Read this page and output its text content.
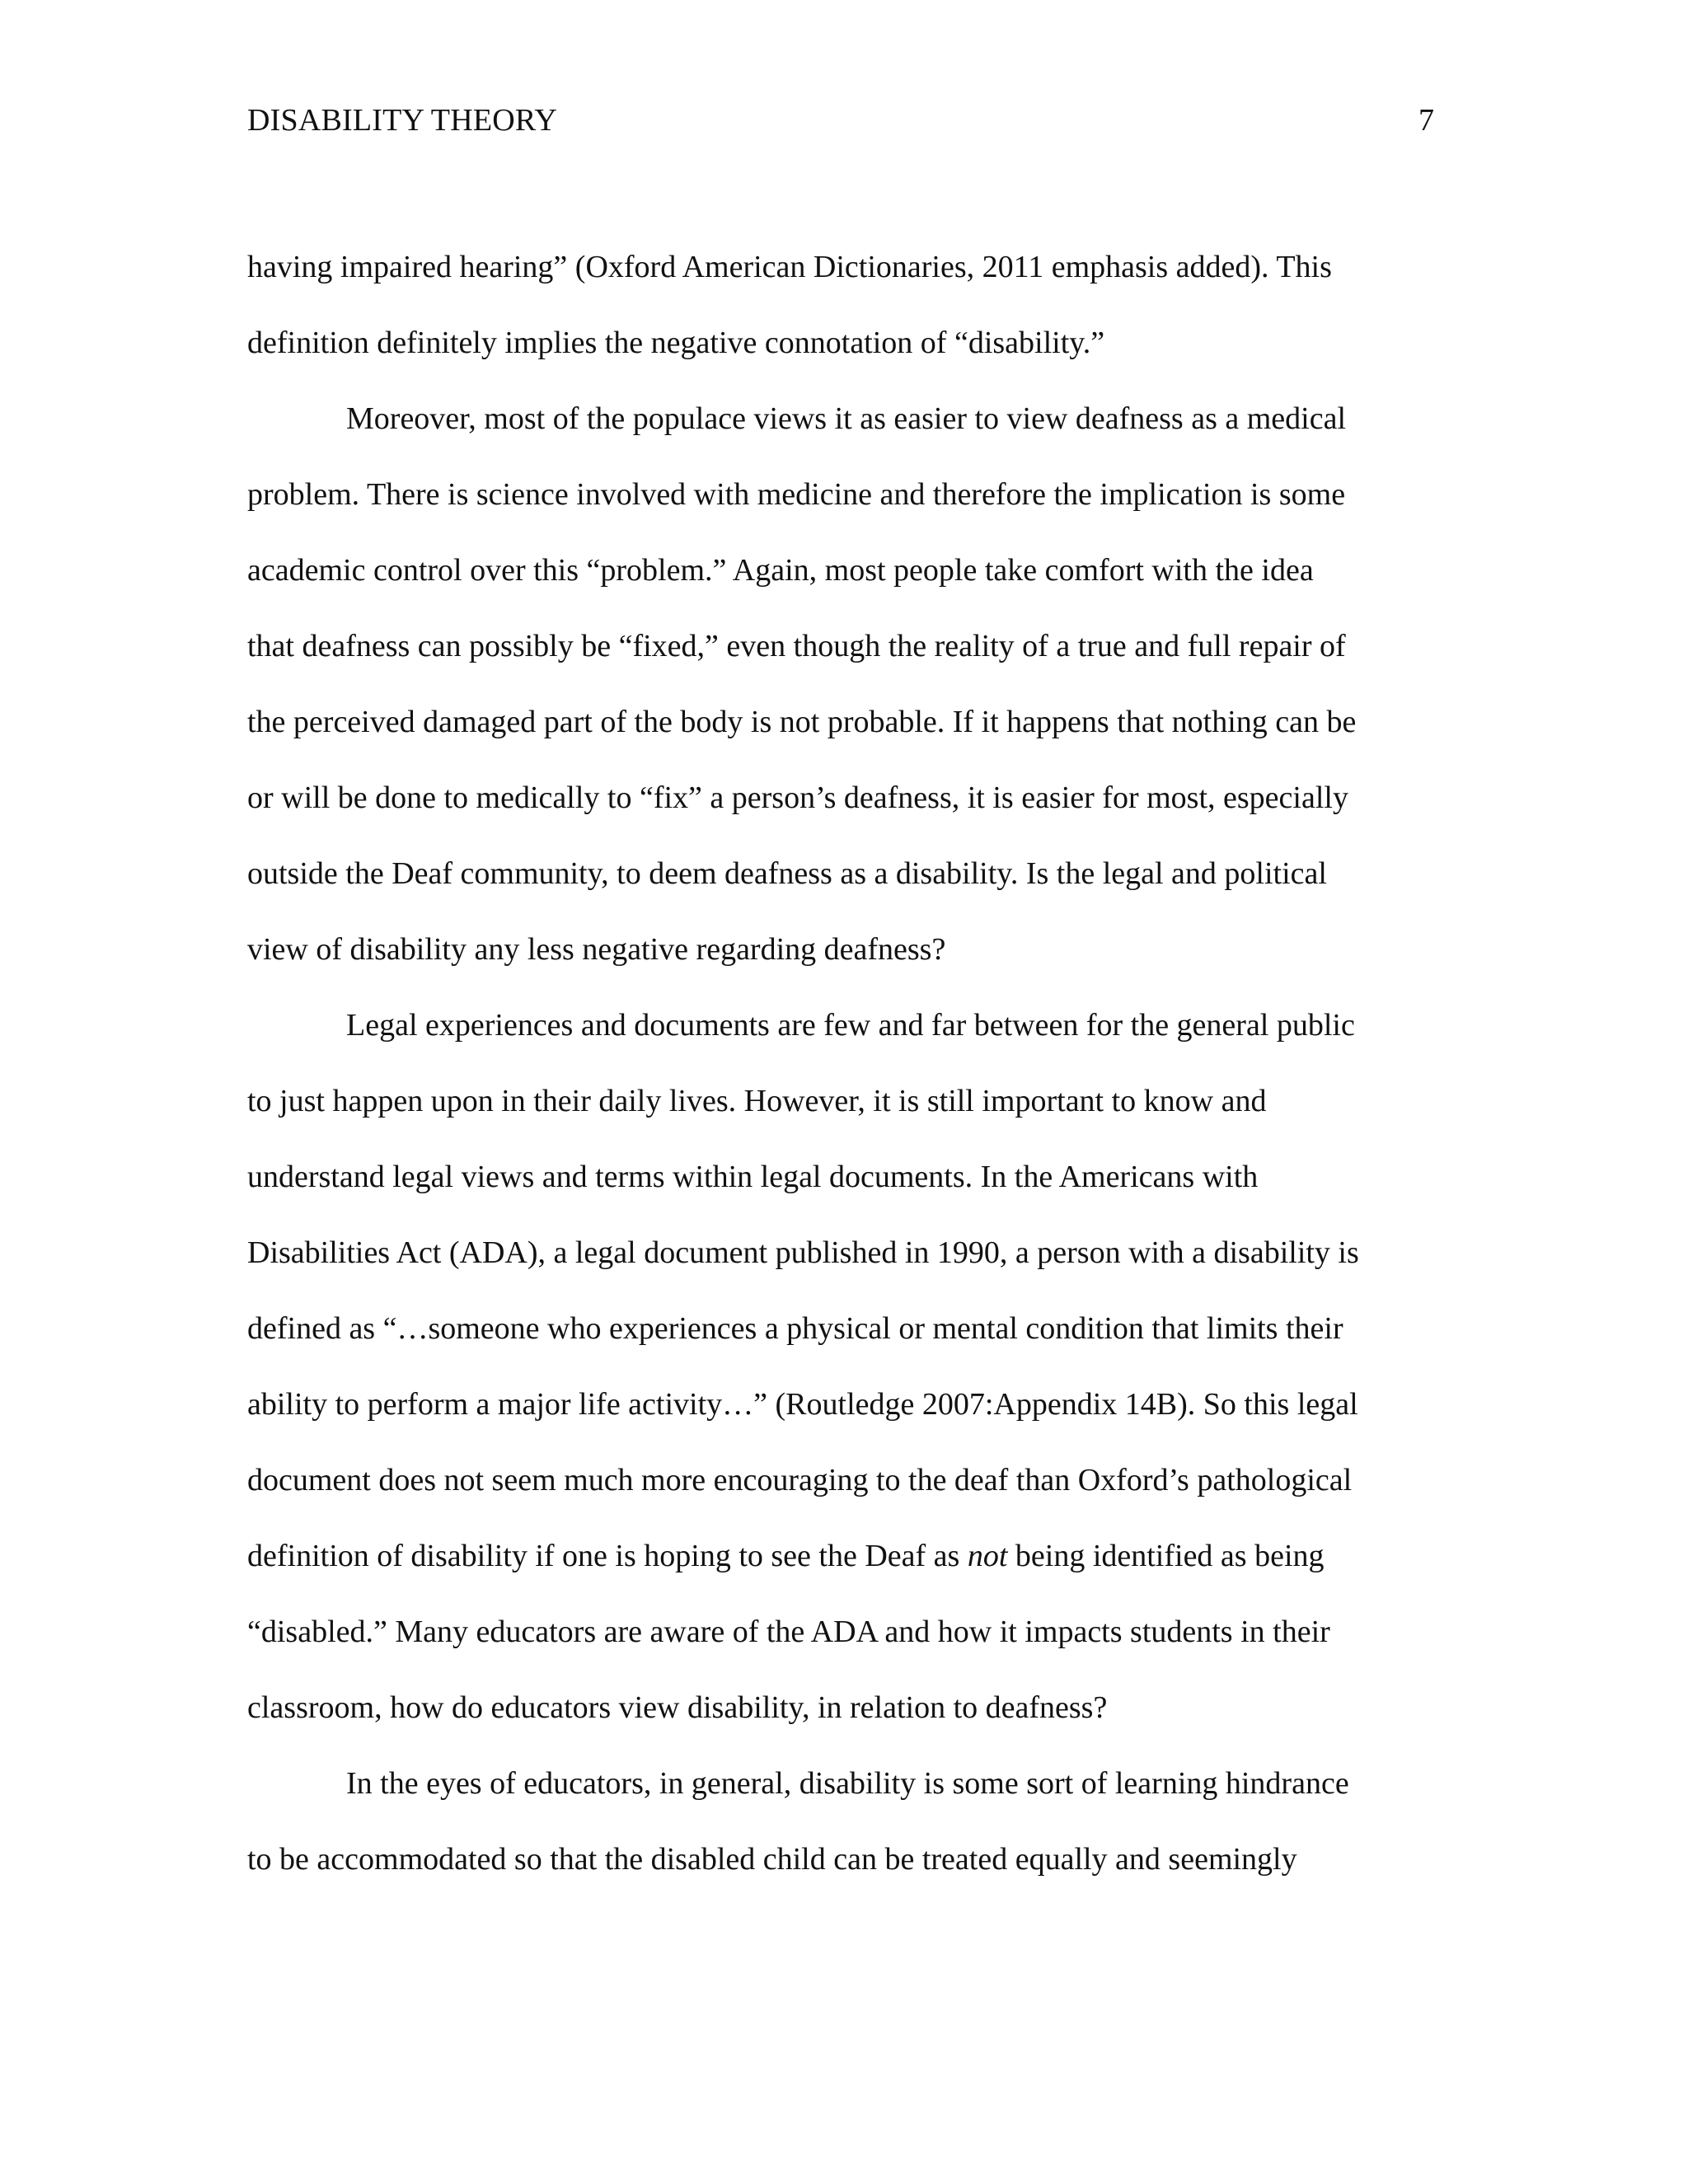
DISABILITY THEORY	7
having impaired hearing” (Oxford American Dictionaries, 2011 emphasis added). This
definition definitely implies the negative connotation of “disability.”
Moreover, most of the populace views it as easier to view deafness as a medical
problem. There is science involved with medicine and therefore the implication is some
academic control over this “problem.” Again, most people take comfort with the idea
that deafness can possibly be “fixed,” even though the reality of a true and full repair of
the perceived damaged part of the body is not probable. If it happens that nothing can be
or will be done to medically to “fix” a person’s deafness, it is easier for most, especially
outside the Deaf community, to deem deafness as a disability. Is the legal and political
view of disability any less negative regarding deafness?
Legal experiences and documents are few and far between for the general public
to just happen upon in their daily lives. However, it is still important to know and
understand legal views and terms within legal documents. In the Americans with
Disabilities Act (ADA), a legal document published in 1990, a person with a disability is
defined as “…someone who experiences a physical or mental condition that limits their
ability to perform a major life activity…” (Routledge 2007:Appendix 14B). So this legal
document does not seem much more encouraging to the deaf than Oxford’s pathological
definition of disability if one is hoping to see the Deaf as not being identified as being
“disabled.” Many educators are aware of the ADA and how it impacts students in their
classroom, how do educators view disability, in relation to deafness?
In the eyes of educators, in general, disability is some sort of learning hindrance
to be accommodated so that the disabled child can be treated equally and seemingly
